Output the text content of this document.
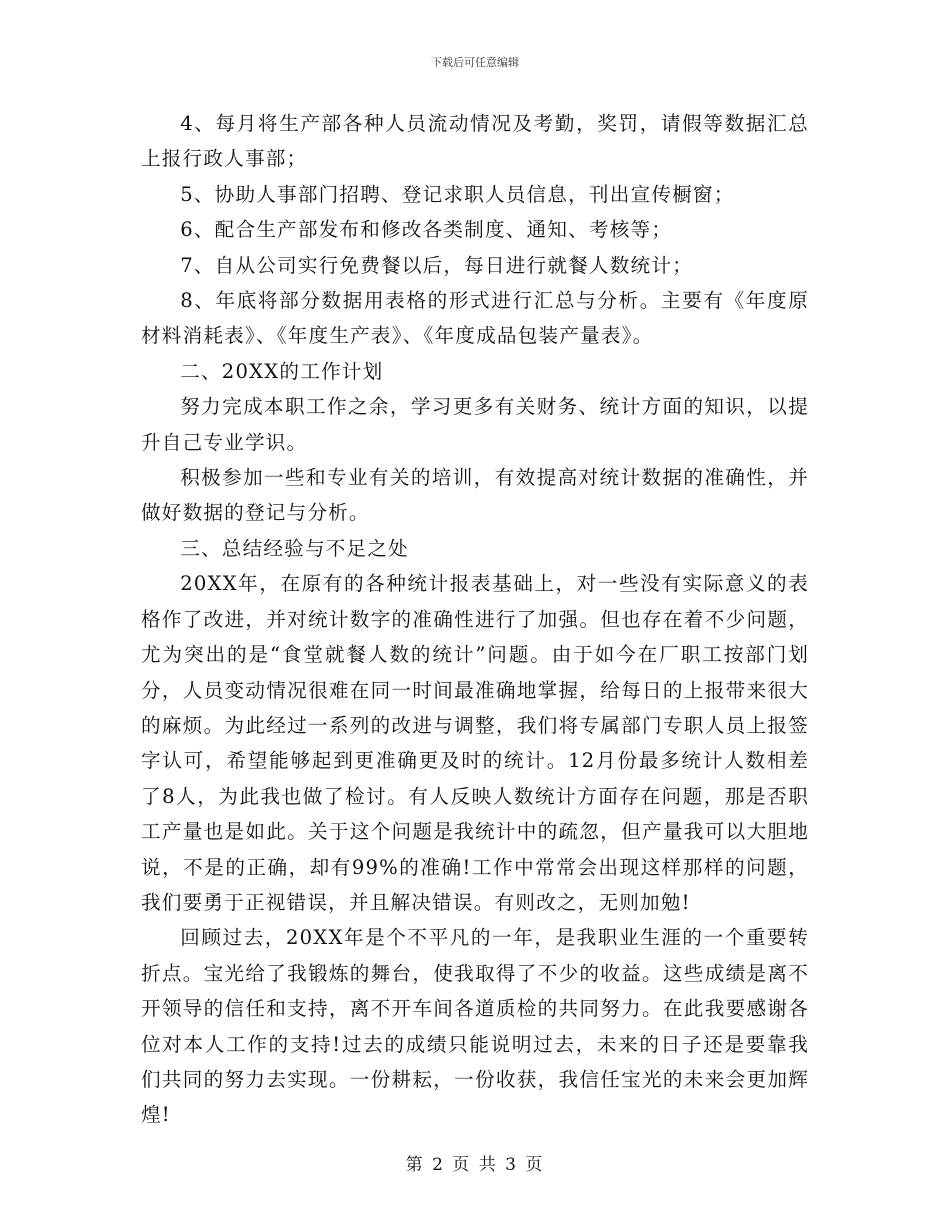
下载后可任意编辑

4、每月将生产部各种人员流动情况及考勤，奖罚，请假等数据汇总上报行政人事部；

5、协助人事部门招聘、登记求职人员信息，刊出宣传橱窗；

6、配合生产部发布和修改各类制度、通知、考核等；

7、自从公司实行免费餐以后，每日进行就餐人数统计；

8、年底将部分数据用表格的形式进行汇总与分析。主要有《年度原材料消耗表》、《年度生产表》、《年度成品包装产量表》。

二、20XX的工作计划

努力完成本职工作之余，学习更多有关财务、统计方面的知识，以提升自己专业学识。

积极参加一些和专业有关的培训，有效提高对统计数据的准确性，并做好数据的登记与分析。

三、总结经验与不足之处

20XX年，在原有的各种统计报表基础上，对一些没有实际意义的表格作了改进，并对统计数字的准确性进行了加强。但也存在着不少问题，尤为突出的是“食堂就餐人数的统计”问题。由于如今在厂职工按部门划分，人员变动情况很难在同一时间最准确地掌握，给每日的上报带来很大的麻烦。为此经过一系列的改进与调整，我们将专属部门专职人员上报签字认可，希望能够起到更准确更及时的统计。12月份最多统计人数相差了8人，为此我也做了检讨。有人反映人数统计方面存在问题，那是否职工产量也是如此。关于这个问题是我统计中的疏忽，但产量我可以大胆地说，不是的正确，却有99%的准确!工作中常常会出现这样那样的问题，我们要勇于正视错误，并且解决错误。有则改之，无则加勉!

回顾过去，20XX年是个不平凡的一年，是我职业生涯的一个重要转折点。宝光给了我锻炼的舞台，使我取得了不少的收益。这些成绩是离不开领导的信任和支持，离不开车间各道质检的共同努力。在此我要感谢各位对本人工作的支持!过去的成绩只能说明过去，未来的日子还是要靠我们共同的努力去实现。一份耕耘，一份收获，我信任宝光的未来会更加辉煌!

第 2 页 共 3 页
